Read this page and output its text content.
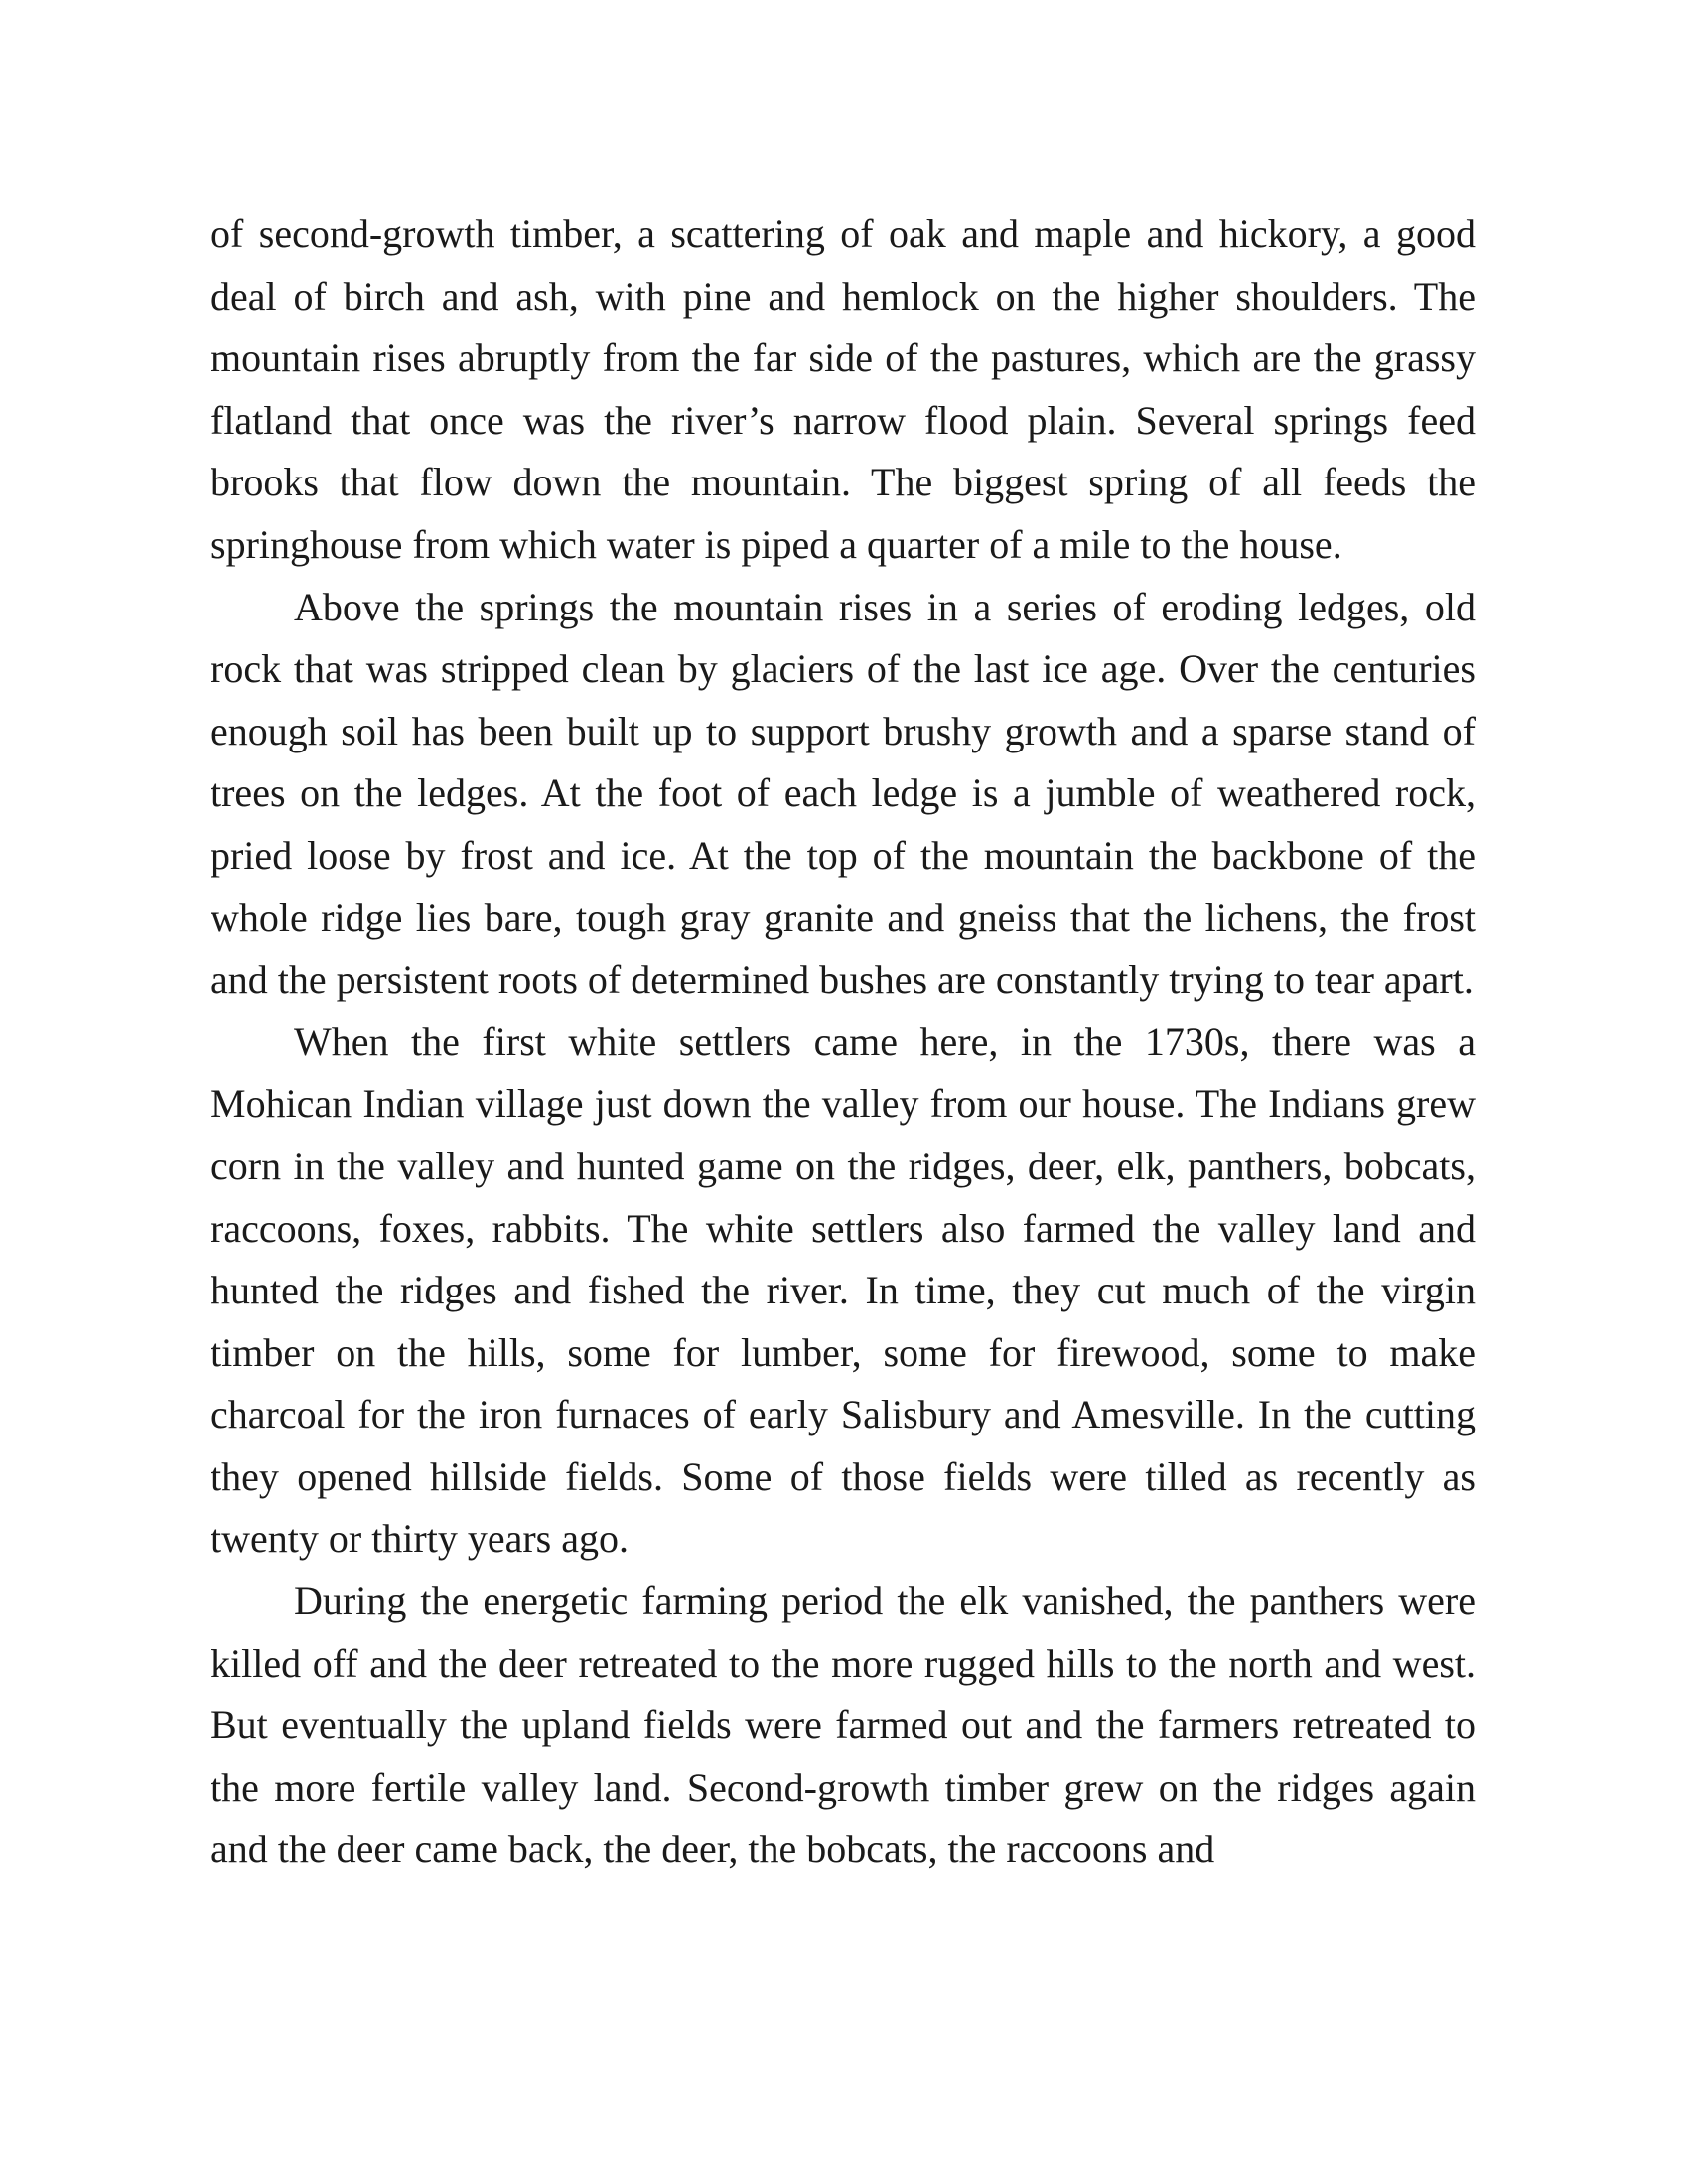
of second-growth timber, a scattering of oak and maple and hickory, a good deal of birch and ash, with pine and hemlock on the higher shoulders. The mountain rises abruptly from the far side of the pastures, which are the grassy flatland that once was the river’s narrow flood plain. Several springs feed brooks that flow down the mountain. The biggest spring of all feeds the springhouse from which water is piped a quarter of a mile to the house.

Above the springs the mountain rises in a series of eroding ledges, old rock that was stripped clean by glaciers of the last ice age. Over the centuries enough soil has been built up to support brushy growth and a sparse stand of trees on the ledges. At the foot of each ledge is a jumble of weathered rock, pried loose by frost and ice. At the top of the mountain the backbone of the whole ridge lies bare, tough gray granite and gneiss that the lichens, the frost and the persistent roots of determined bushes are constantly trying to tear apart.

When the first white settlers came here, in the 1730s, there was a Mohican Indian village just down the valley from our house. The Indians grew corn in the valley and hunted game on the ridges, deer, elk, panthers, bobcats, raccoons, foxes, rabbits. The white settlers also farmed the valley land and hunted the ridges and fished the river. In time, they cut much of the virgin timber on the hills, some for lumber, some for firewood, some to make charcoal for the iron furnaces of early Salisbury and Amesville. In the cutting they opened hillside fields. Some of those fields were tilled as recently as twenty or thirty years ago.

During the energetic farming period the elk vanished, the panthers were killed off and the deer retreated to the more rugged hills to the north and west. But eventually the upland fields were farmed out and the farmers retreated to the more fertile valley land. Second-growth timber grew on the ridges again and the deer came back, the deer, the bobcats, the raccoons and
